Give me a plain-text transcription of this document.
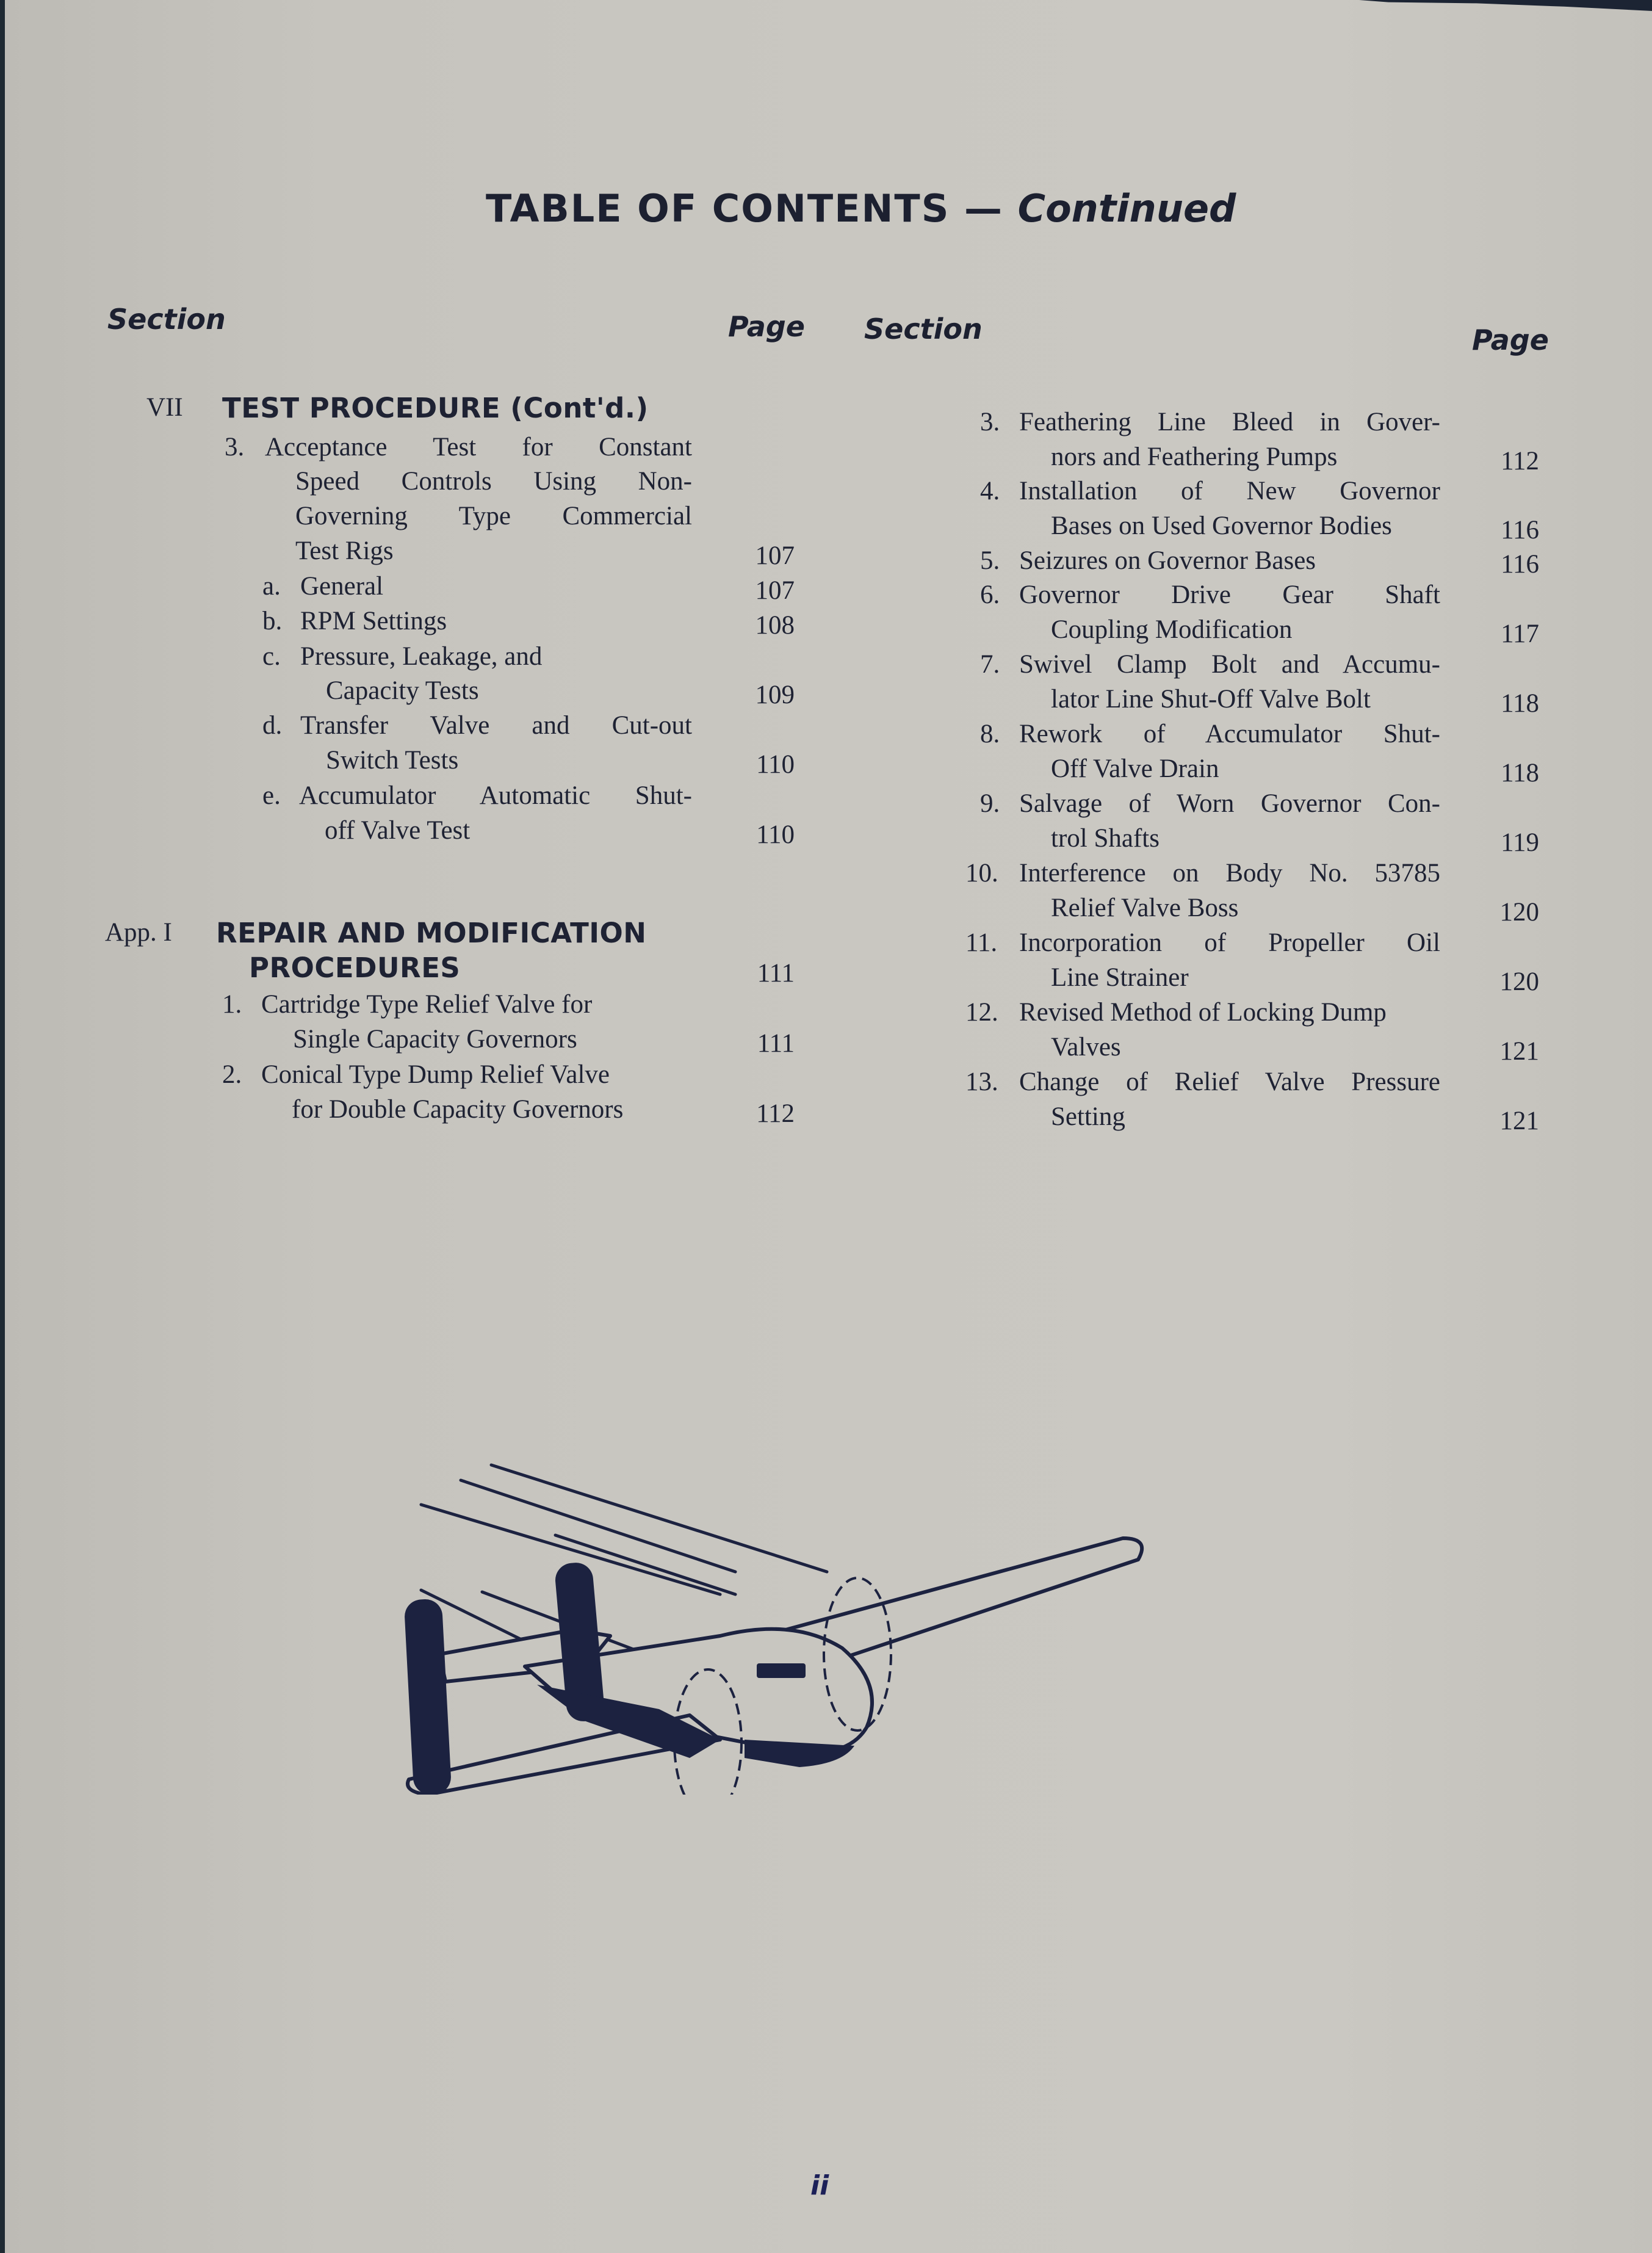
TABLE OF CONTENTS — Continued
Section	Page Section	Page
VII TEST PROCEDURE (Cont'd.)
3. Acceptance Test for Constant
Speed Controls Using Non-
Governing Type Commercial
Test Rigs	107
a. General	107
b. RPM Settings	108
c. Pressure, Leakage, and
Capacity Tests	109
d. Transfer Valve and Cut-out
Switch Tests	110
e. Accumulator Automatic Shut-
off Valve Test	110
App. I REPAIR AND MODIFICATION
PROCEDURES	111
1. Cartridge Type Relief Valve for
Single Capacity Governors	111
2. Conical Type Dump Relief Valve
for Double Capacity Governors	112
3. Feathering Line Bleed in Gover-
nors and Feathering Pumps	112
4. Installation of New Governor
Bases on Used Governor Bodies	116
5. Seizures on Governor Bases	116
6. Governor Drive Gear Shaft
Coupling Modification	117
7. Swivel Clamp Bolt and Accumu-
lator Line Shut-Off Valve Bolt	118
8. Rework of Accumulator Shut-
Off Valve Drain	118
9. Salvage of Worn Governor Con-
trol Shafts	119
10. Interference on Body No. 53785
Relief Valve Boss	120
11. Incorporation of Propeller Oil
Line Strainer	120
12. Revised Method of Locking Dump
Valves	121
13. Change of Relief Valve Pressure
Setting	121
ii
